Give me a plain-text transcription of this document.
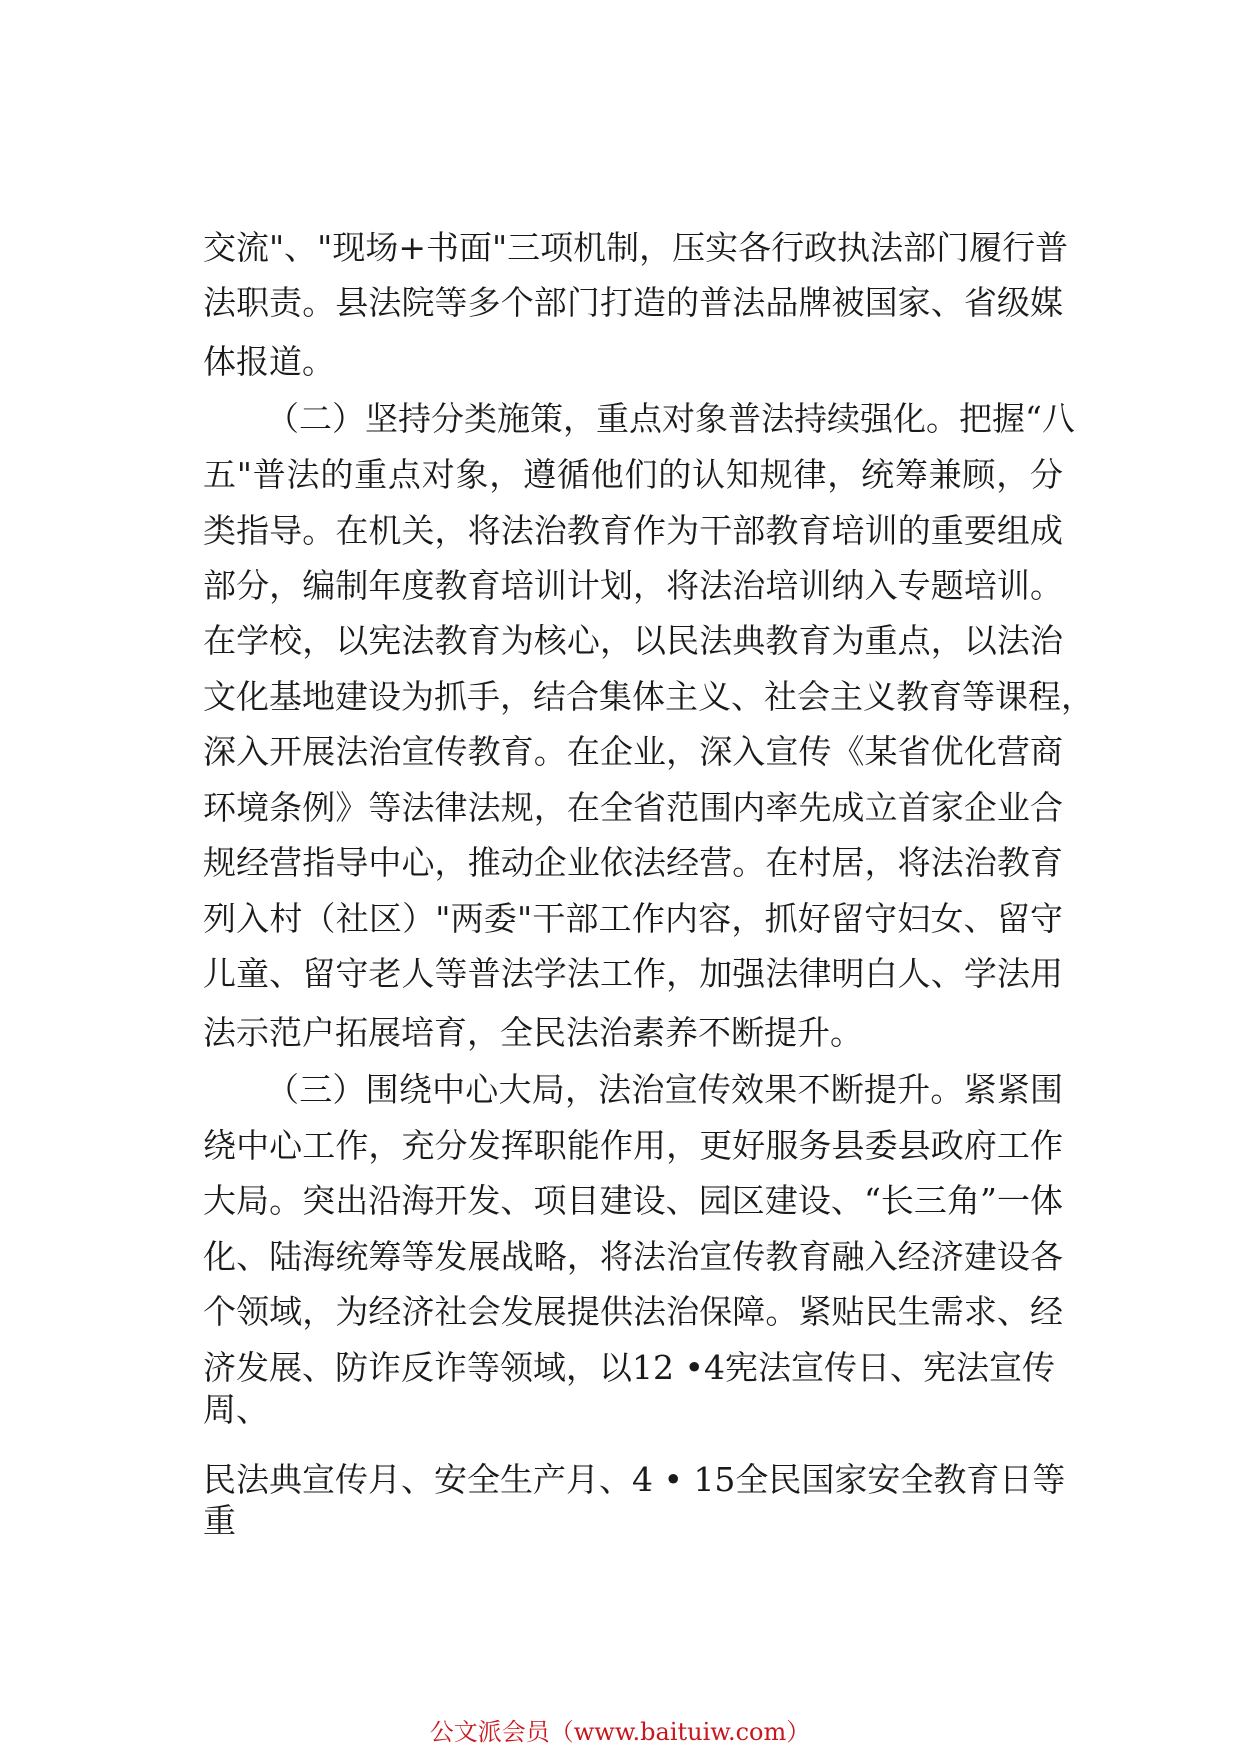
交流"、"现场+书面"三项机制，压实各行政执法部门履行普

法职责。县法院等多个部门打造的普法品牌被国家、省级媒

体报道。

（二）坚持分类施策，重点对象普法持续强化。把握“八

五"普法的重点对象，遵循他们的认知规律，统筹兼顾，分

类指导。在机关，将法治教育作为干部教育培训的重要组成

部分，编制年度教育培训计划，将法治培训纳入专题培训。

在学校，以宪法教育为核心，以民法典教育为重点，以法治

文化基地建设为抓手，结合集体主义、社会主义教育等课程，

深入开展法治宣传教育。在企业，深入宣传《某省优化营商

环境条例》等法律法规，在全省范围内率先成立首家企业合

规经营指导中心，推动企业依法经营。在村居，将法治教育

列入村（社区）"两委"干部工作内容，抓好留守妇女、留守

儿童、留守老人等普法学法工作，加强法律明白人、学法用

法示范户拓展培育，全民法治素养不断提升。

（三）围绕中心大局，法治宣传效果不断提升。紧紧围

绕中心工作，充分发挥职能作用，更好服务县委县政府工作

大局。突出沿海开发、项目建设、园区建设、“长三角”一体

化、陆海统筹等发展战略，将法治宣传教育融入经济建设各

个领域，为经济社会发展提供法治保障。紧贴民生需求、经

济发展、防诈反诈等领域，以12 •4宪法宣传日、宪法宣传

周、

民法典宣传月、安全生产月、4 • 15全民国家安全教育日等

重

公文派会员（www.baituiw.com）
